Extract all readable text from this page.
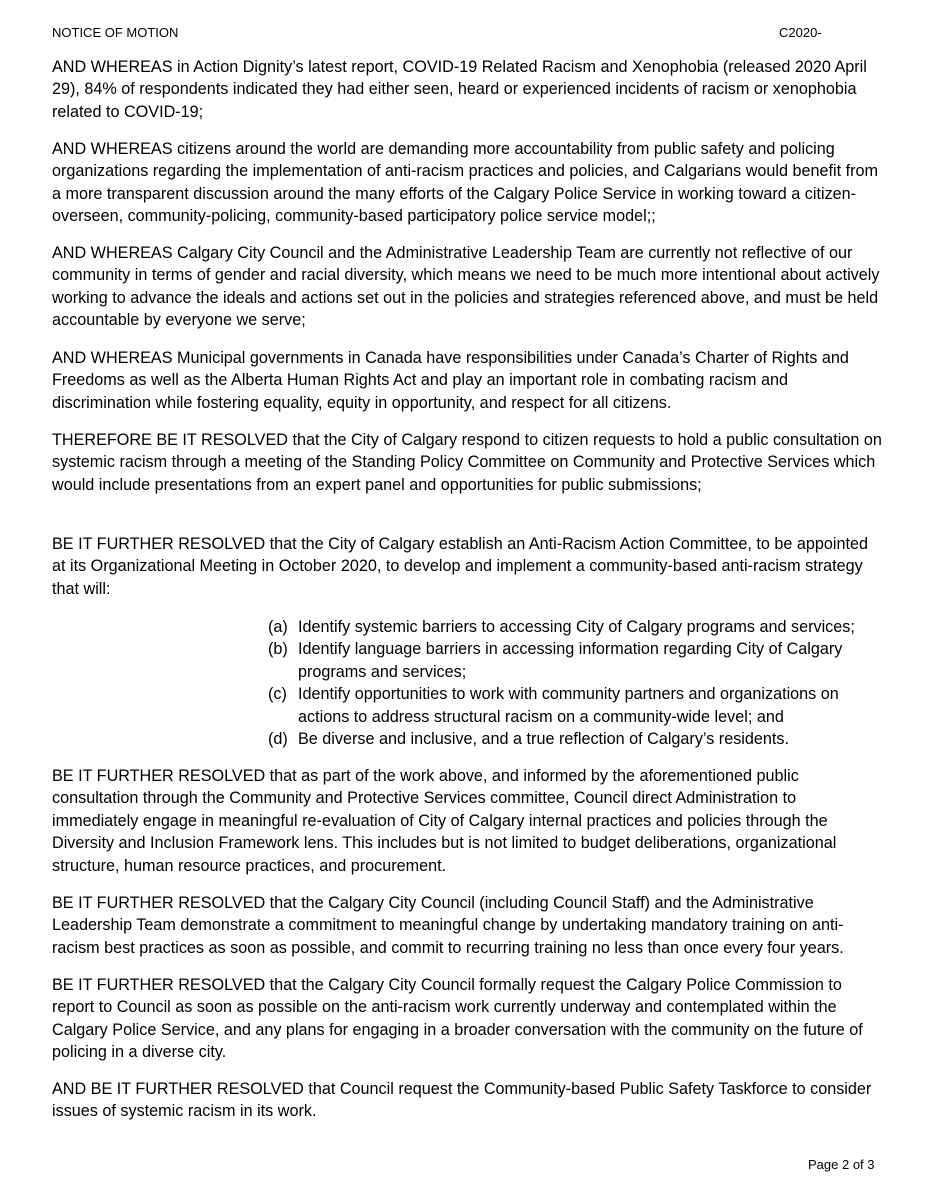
NOTICE OF MOTION	C2020-

AND WHEREAS in Action Dignity’s latest report, COVID-19 Related Racism and Xenophobia (released 2020 April 29), 84% of respondents indicated they had either seen, heard or experienced incidents of racism or xenophobia related to COVID-19;

AND WHEREAS citizens around the world are demanding more accountability from public safety and policing organizations regarding the implementation of anti-racism practices and policies, and Calgarians would benefit from a more transparent discussion around the many efforts of the Calgary Police Service in working toward a citizen-overseen, community-policing, community-based participatory police service model;;

AND WHEREAS Calgary City Council and the Administrative Leadership Team are currently not reflective of our community in terms of gender and racial diversity, which means we need to be much more intentional about actively working to advance the ideals and actions set out in the policies and strategies referenced above, and must be held accountable by everyone we serve;

AND WHEREAS Municipal governments in Canada have responsibilities under Canada’s Charter of Rights and Freedoms as well as the Alberta Human Rights Act and play an important role in combating racism and discrimination while fostering equality, equity in opportunity, and respect for all citizens.

THEREFORE BE IT RESOLVED that the City of Calgary respond to citizen requests to hold a public consultation on systemic racism through a meeting of the Standing Policy Committee on Community and Protective Services which would include presentations from an expert panel and opportunities for public submissions;

BE IT FURTHER RESOLVED that the City of Calgary establish an Anti-Racism Action Committee, to be appointed at its Organizational Meeting in October 2020, to develop and implement a community-based anti-racism strategy that will:

(a) Identify systemic barriers to accessing City of Calgary programs and services;
(b) Identify language barriers in accessing information regarding City of Calgary programs and services;
(c) Identify opportunities to work with community partners and organizations on actions to address structural racism on a community-wide level; and
(d) Be diverse and inclusive, and a true reflection of Calgary’s residents.

BE IT FURTHER RESOLVED that as part of the work above, and informed by the aforementioned public consultation through the Community and Protective Services committee, Council direct Administration to immediately engage in meaningful re-evaluation of City of Calgary internal practices and policies through the Diversity and Inclusion Framework lens. This includes but is not limited to budget deliberations, organizational structure, human resource practices, and procurement.

BE IT FURTHER RESOLVED that the Calgary City Council (including Council Staff) and the Administrative Leadership Team demonstrate a commitment to meaningful change by undertaking mandatory training on anti-racism best practices as soon as possible, and commit to recurring training no less than once every four years.

BE IT FURTHER RESOLVED that the Calgary City Council formally request the Calgary Police Commission to report to Council as soon as possible on the anti-racism work currently underway and contemplated within the Calgary Police Service, and any plans for engaging in a broader conversation with the community on the future of policing in a diverse city.

AND BE IT FURTHER RESOLVED that Council request the Community-based Public Safety Taskforce to consider issues of systemic racism in its work.

Page 2 of 3
